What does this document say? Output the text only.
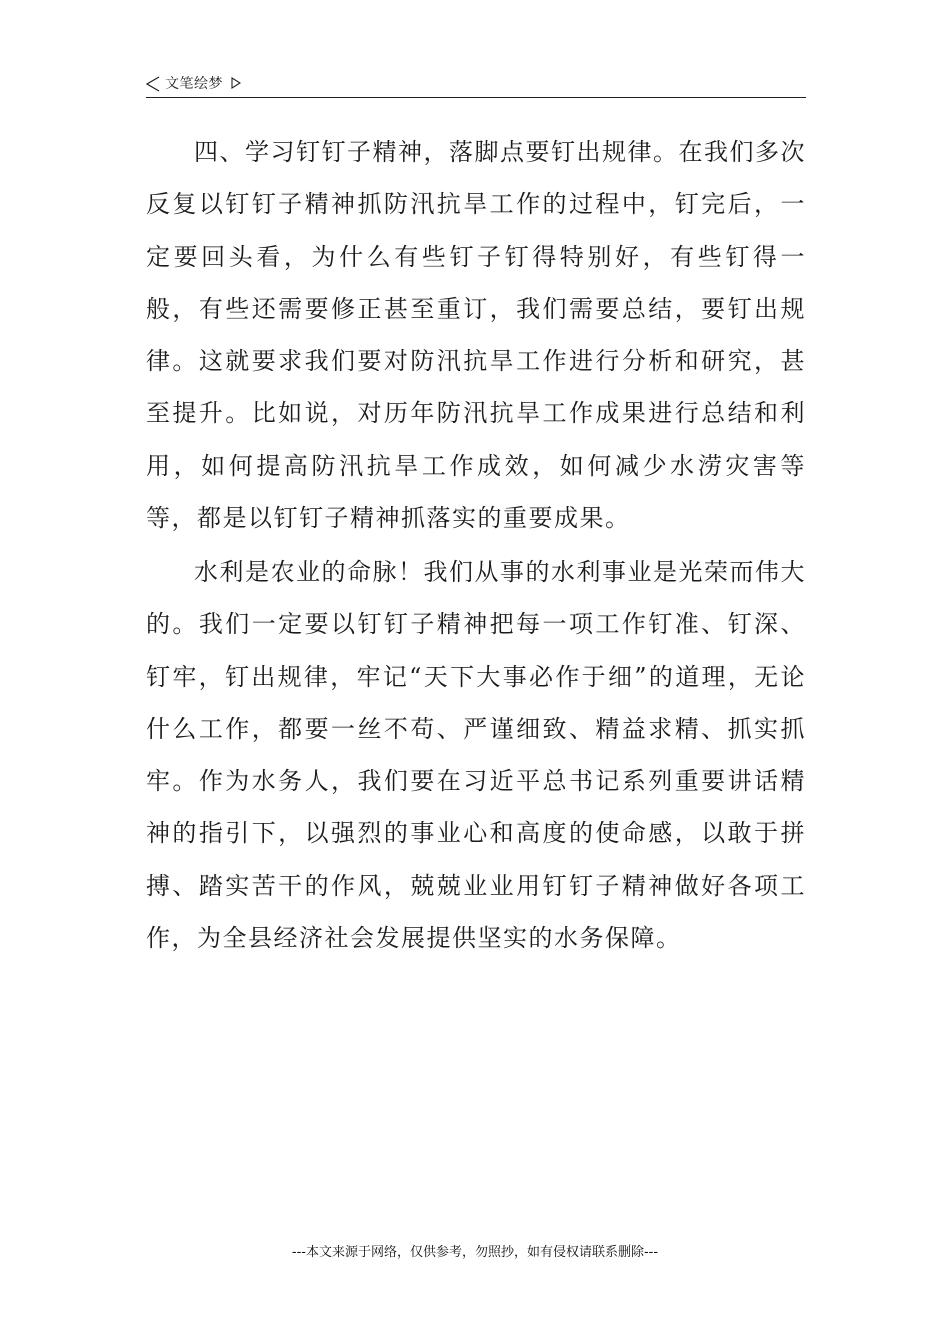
文笔绘梦

四、学习钉钉子精神，落脚点要钉出规律。在我们多次反复以钉钉子精神抓防汛抗旱工作的过程中，钉完后，一定要回头看，为什么有些钉子钉得特别好，有些钉得一般，有些还需要修正甚至重订，我们需要总结，要钉出规律。这就要求我们要对防汛抗旱工作进行分析和研究，甚至提升。比如说，对历年防汛抗旱工作成果进行总结和利用，如何提高防汛抗旱工作成效，如何减少水涝灾害等等，都是以钉钉子精神抓落实的重要成果。

水利是农业的命脉！我们从事的水利事业是光荣而伟大的。我们一定要以钉钉子精神把每一项工作钉准、钉深、钉牢，钉出规律，牢记“天下大事必作于细”的道理，无论什么工作，都要一丝不苟、严谨细致、精益求精、抓实抓牢。作为水务人，我们要在习近平总书记系列重要讲话精神的指引下，以强烈的事业心和高度的使命感，以敢于拼搏、踏实苦干的作风，兢兢业业用钉钉子精神做好各项工作，为全县经济社会发展提供坚实的水务保障。

---本文来源于网络，仅供参考，勿照抄，如有侵权请联系删除---
